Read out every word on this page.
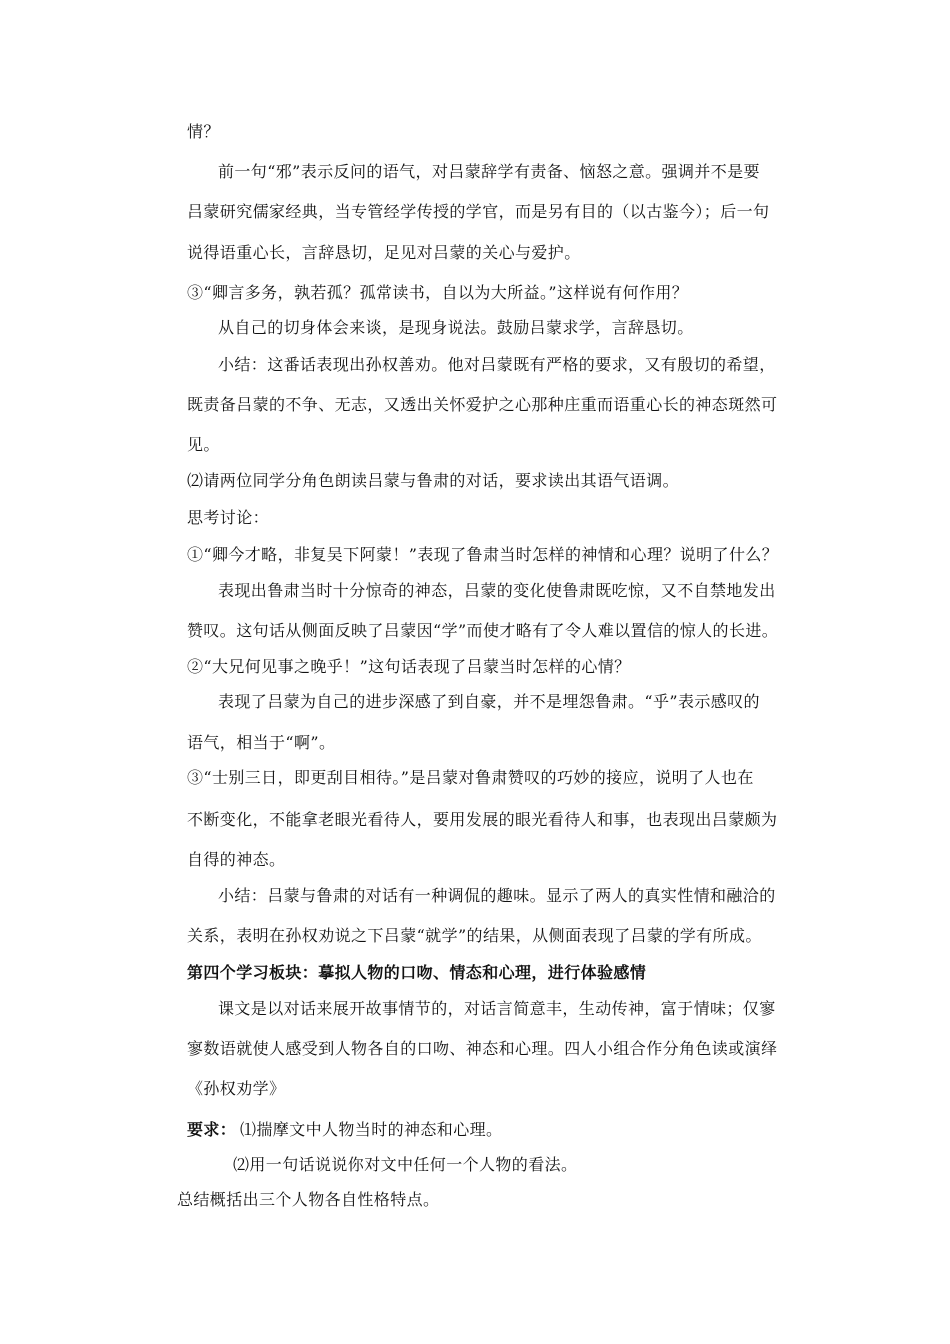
情？
前一句“邪”表示反问的语气，对吕蒙辞学有责备、恼怒之意。强调并不是要
吕蒙研究儒家经典，当专管经学传授的学官，而是另有目的（以古鉴今）；后一句
说得语重心长，言辞恳切，足见对吕蒙的关心与爱护。
③“卿言多务，孰若孤？孤常读书，自以为大所益。”这样说有何作用？
从自己的切身体会来谈，是现身说法。鼓励吕蒙求学，言辞恳切。
小结：这番话表现出孙权善劝。他对吕蒙既有严格的要求，又有殷切的希望，
既责备吕蒙的不争、无志，又透出关怀爱护之心那种庄重而语重心长的神态斑然可
见。
⑵请两位同学分角色朗读吕蒙与鲁肃的对话，要求读出其语气语调。
思考讨论：
①“卿今才略，非复吴下阿蒙！”表现了鲁肃当时怎样的神情和心理？说明了什么？
表现出鲁肃当时十分惊奇的神态，吕蒙的变化使鲁肃既吃惊，又不自禁地发出
赞叹。这句话从侧面反映了吕蒙因“学”而使才略有了令人难以置信的惊人的长进。
②“大兄何见事之晚乎！”这句话表现了吕蒙当时怎样的心情？
表现了吕蒙为自己的进步深感了到自豪，并不是埋怨鲁肃。“乎”表示感叹的
语气，相当于“啊”。
③“士别三日，即更刮目相待。”是吕蒙对鲁肃赞叹的巧妙的接应，说明了人也在
不断变化，不能拿老眼光看待人，要用发展的眼光看待人和事，也表现出吕蒙颇为
自得的神态。
小结：吕蒙与鲁肃的对话有一种调侃的趣味。显示了两人的真实性情和融洽的
关系，表明在孙权劝说之下吕蒙“就学”的结果，从侧面表现了吕蒙的学有所成。
第四个学习板块：摹拟人物的口吻、情态和心理，进行体验感情
课文是以对话来展开故事情节的，对话言简意丰，生动传神，富于情味；仅寥
寥数语就使人感受到人物各自的口吻、神态和心理。四人小组合作分角色读或演绎
《孙权劝学》
要求： ⑴揣摩文中人物当时的神态和心理。
⑵用一句话说说你对文中任何一个人物的看法。
总结概括出三个人物各自性格特点。
